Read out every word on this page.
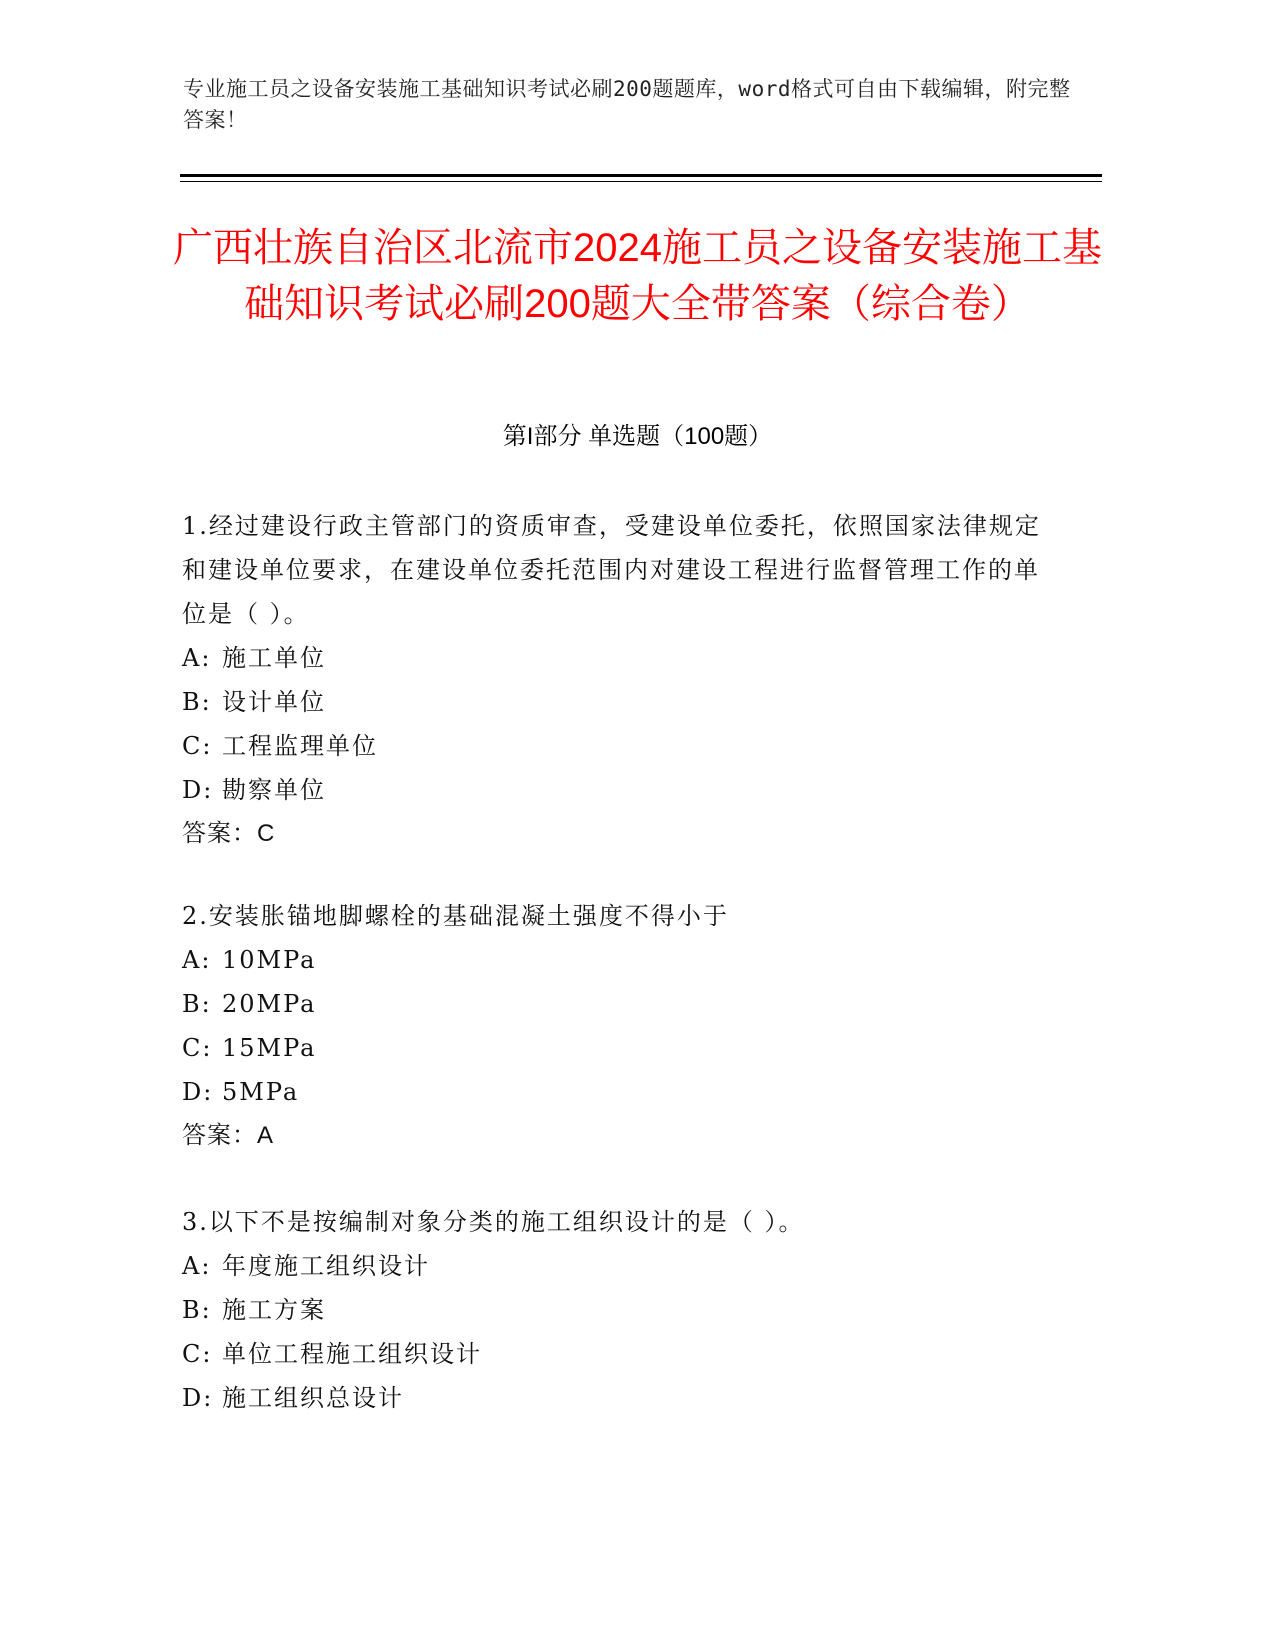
专业施工员之设备安装施工基础知识考试必刷200题题库，word格式可自由下载编辑，附完整答案！
广西壮族自治区北流市2024施工员之设备安装施工基础知识考试必刷200题大全带答案（综合卷）
第I部分 单选题（100题）
1.经过建设行政主管部门的资质审查，受建设单位委托，依照国家法律规定和建设单位要求，在建设单位委托范围内对建设工程进行监督管理工作的单位是（ ）。
A: 施工单位
B: 设计单位
C: 工程监理单位
D: 勘察单位
答案：C
2.安装胀锚地脚螺栓的基础混凝土强度不得小于
A: 10MPa
B: 20MPa
C: 15MPa
D: 5MPa
答案：A
3.以下不是按编制对象分类的施工组织设计的是（ ）。
A: 年度施工组织设计
B: 施工方案
C: 单位工程施工组织设计
D: 施工组织总设计
